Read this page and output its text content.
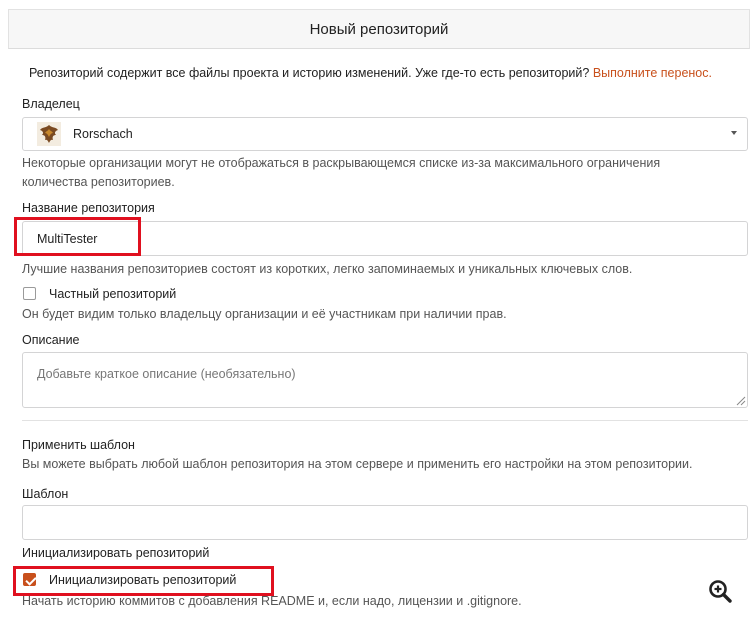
Новый репозиторий
Репозиторий содержит все файлы проекта и историю изменений. Уже где-то есть репозиторий? Выполните перенос.
Владелец
Rorschach
Некоторые организации могут не отображаться в раскрывающемся списке из-за максимального ограничения
количества репозиториев.
Название репозитория
MultiTester
Лучшие названия репозиториев состоят из коротких, легко запоминаемых и уникальных ключевых слов.
Частный репозиторий
Он будет видим только владельцу организации и её участникам при наличии прав.
Описание
Добавьте краткое описание (необязательно)
Применить шаблон
Вы можете выбрать любой шаблон репозитория на этом сервере и применить его настройки на этом репозитории.
Шаблон
Инициализировать репозиторий
Инициализировать репозиторий
Начать историю коммитов с добавления README и, если надо, лицензии и .gitignore.
